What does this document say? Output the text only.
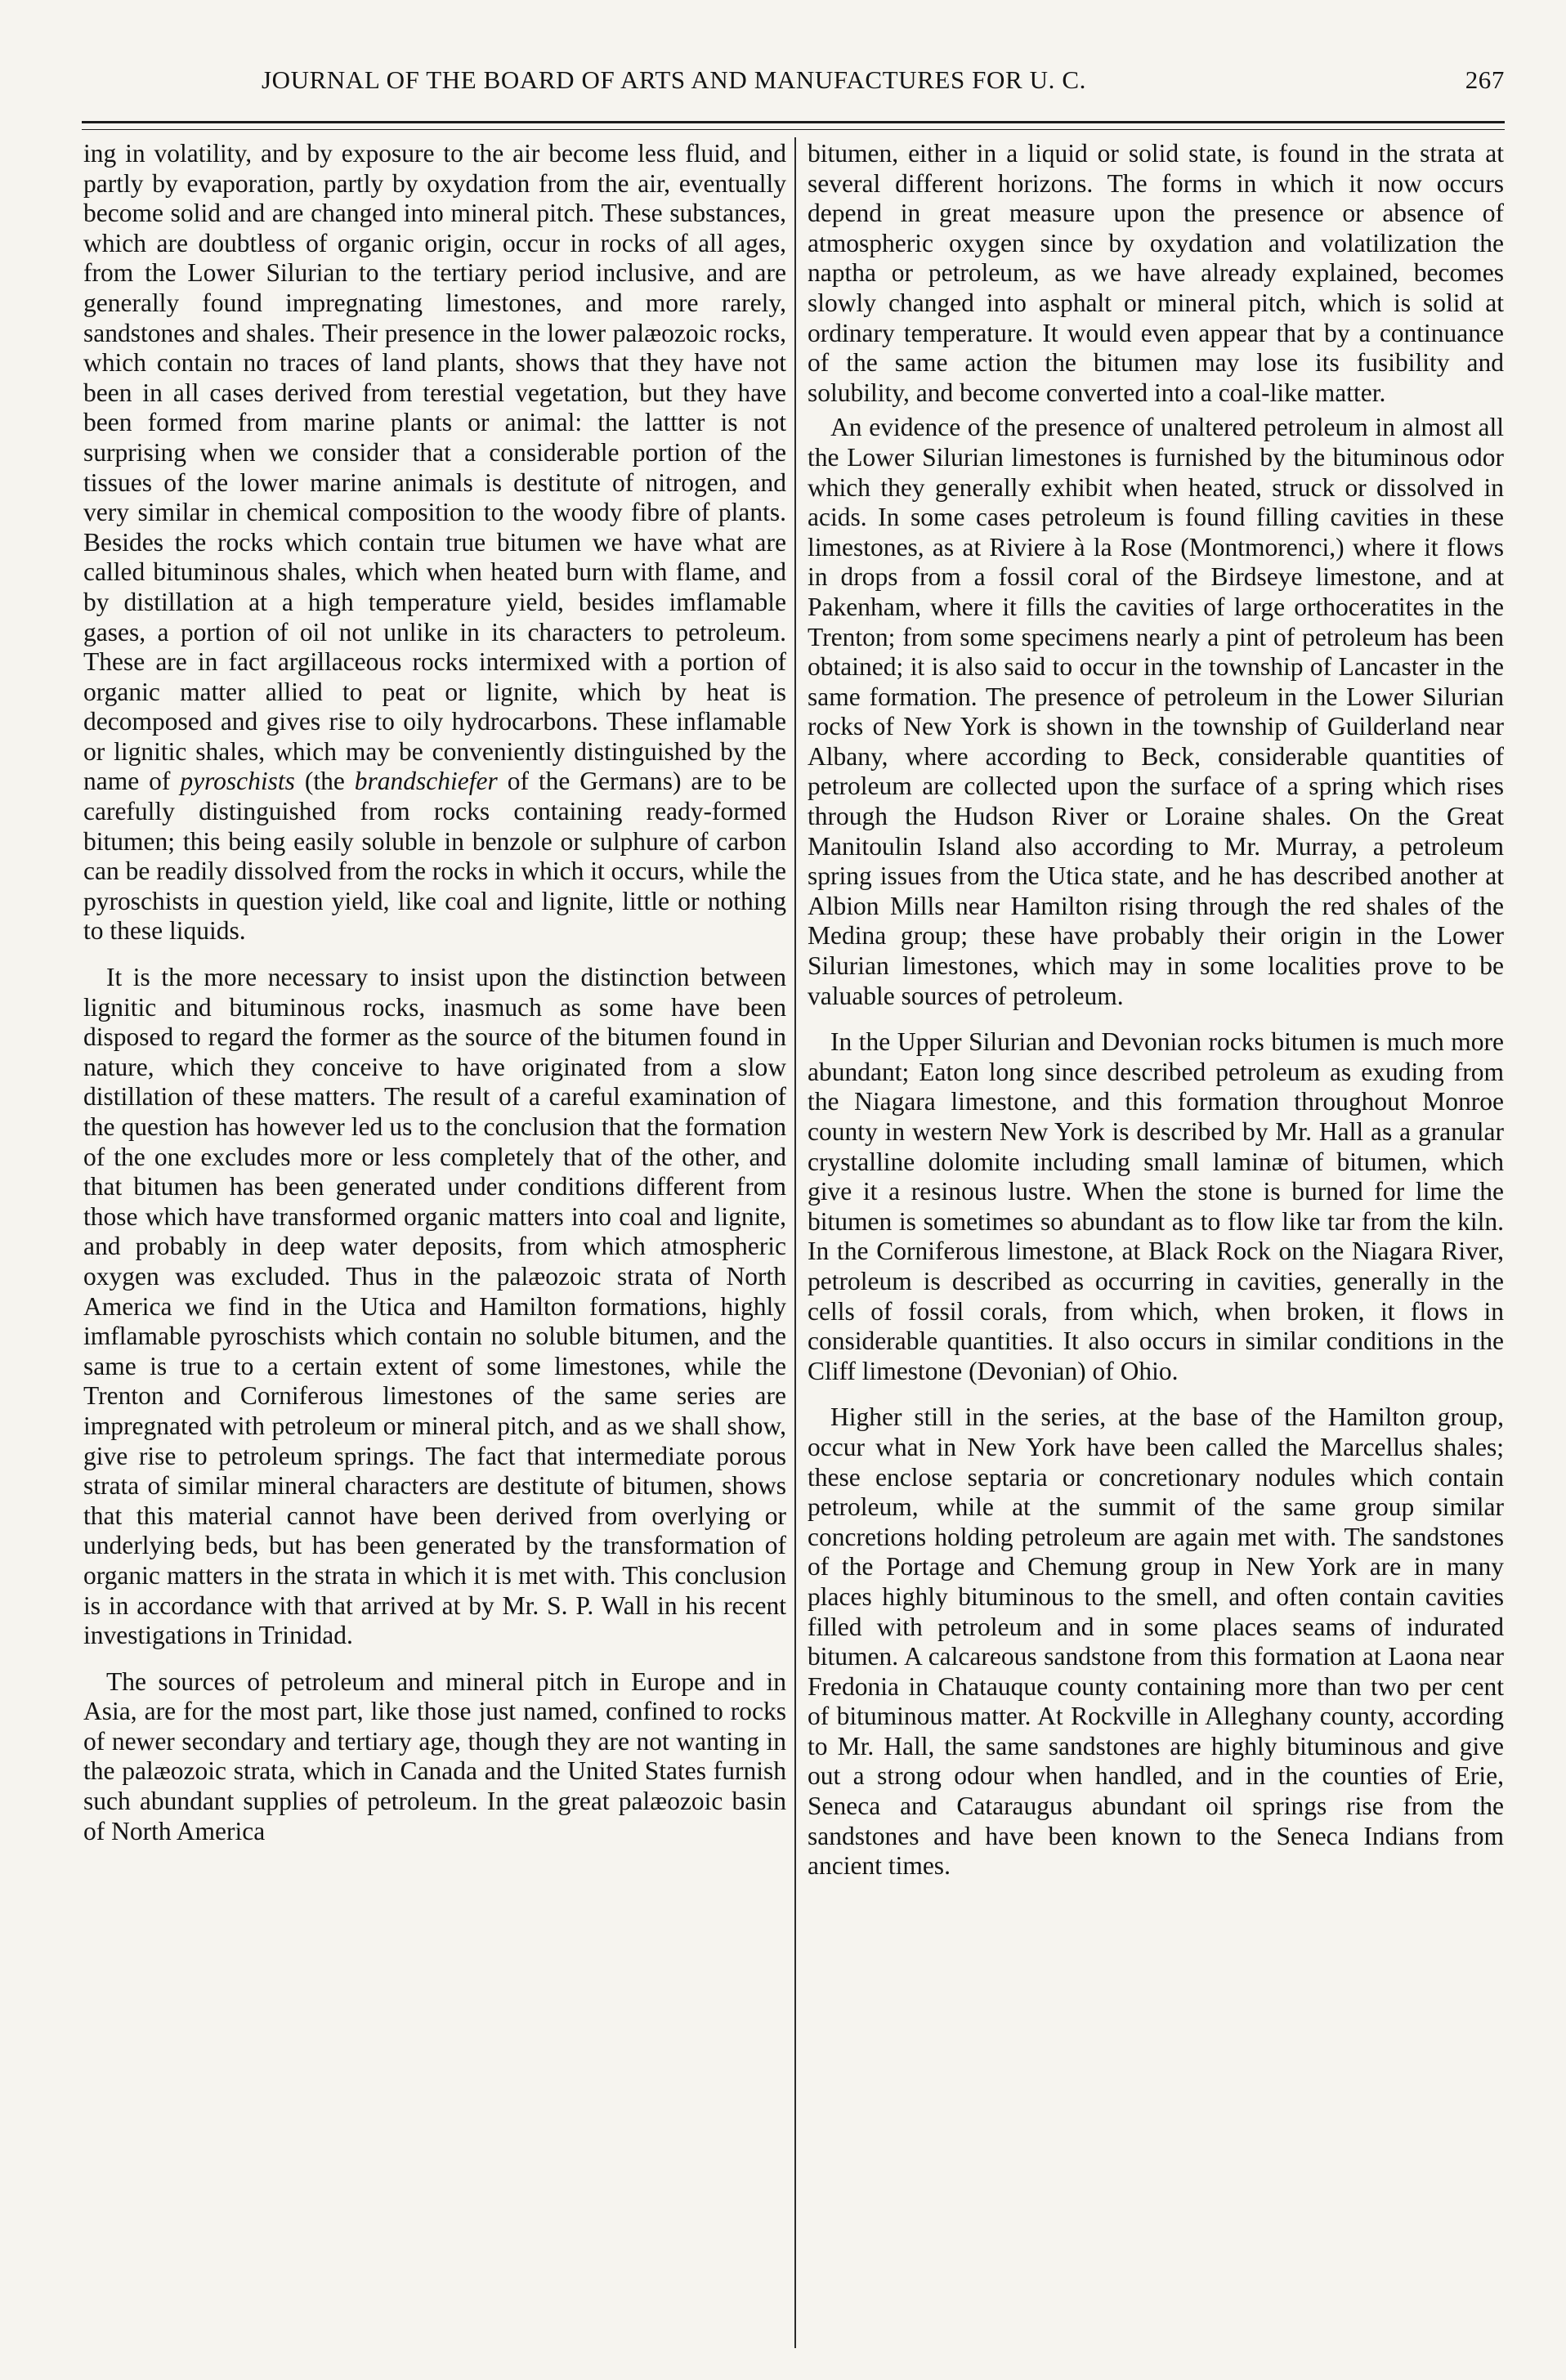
JOURNAL OF THE BOARD OF ARTS AND MANUFACTURES FOR U. C.	267

ing in volatility, and by exposure to the air become less fluid, and partly by evaporation, partly by oxydation from the air, eventually become solid and are changed into mineral pitch. These substances, which are doubtless of organic origin, occur in rocks of all ages, from the Lower Silurian to the tertiary period inclusive, and are generally found impregnating limestones, and more rarely, sandstones and shales. Their presence in the lower palæozoic rocks, which contain no traces of land plants, shows that they have not been in all cases derived from terestial vegetation, but they have been formed from marine plants or animal: the lattter is not surprising when we consider that a considerable portion of the tissues of the lower marine animals is destitute of nitrogen, and very similar in chemical composition to the woody fibre of plants. Besides the rocks which contain true bitumen we have what are called bituminous shales, which when heated burn with flame, and by distillation at a high temperature yield, besides imflamable gases, a portion of oil not unlike in its characters to petroleum. These are in fact argillaceous rocks intermixed with a portion of organic matter allied to peat or lignite, which by heat is decomposed and gives rise to oily hydrocarbons. These inflamable or lignitic shales, which may be conveniently distinguished by the name of pyroschists (the brandschiefer of the Germans) are to be carefully distinguished from rocks containing ready-formed bitumen; this being easily soluble in benzole or sulphure of carbon can be readily dissolved from the rocks in which it occurs, while the pyroschists in question yield, like coal and lignite, little or nothing to these liquids.

It is the more necessary to insist upon the distinction between lignitic and bituminous rocks, inasmuch as some have been disposed to regard the former as the source of the bitumen found in nature, which they conceive to have originated from a slow distillation of these matters. The result of a careful examination of the question has however led us to the conclusion that the formation of the one excludes more or less completely that of the other, and that bitumen has been generated under conditions different from those which have transformed organic matters into coal and lignite, and probably in deep water deposits, from which atmospheric oxygen was excluded. Thus in the palæozoic strata of North America we find in the Utica and Hamilton formations, highly imflamable pyroschists which contain no soluble bitumen, and the same is true to a certain extent of some limestones, while the Trenton and Corniferous limestones of the same series are impregnated with petroleum or mineral pitch, and as we shall show, give rise to petroleum springs. The fact that intermediate porous strata of similar mineral characters are destitute of bitumen, shows that this material cannot have been derived from overlying or underlying beds, but has been generated by the transformation of organic matters in the strata in which it is met with. This conclusion is in accordance with that arrived at by Mr. S. P. Wall in his recent investigations in Trinidad.

The sources of petroleum and mineral pitch in Europe and in Asia, are for the most part, like those just named, confined to rocks of newer secondary and tertiary age, though they are not wanting in the palæozoic strata, which in Canada and the United States furnish such abundant supplies of petroleum. In the great palæozoic basin of North America

bitumen, either in a liquid or solid state, is found in the strata at several different horizons. The forms in which it now occurs depend in great measure upon the presence or absence of atmospheric oxygen since by oxydation and volatilization the naptha or petroleum, as we have already explained, becomes slowly changed into asphalt or mineral pitch, which is solid at ordinary temperature. It would even appear that by a continuance of the same action the bitumen may lose its fusibility and solubility, and become converted into a coal-like matter.

An evidence of the presence of unaltered petroleum in almost all the Lower Silurian limestones is furnished by the bituminous odor which they generally exhibit when heated, struck or dissolved in acids. In some cases petroleum is found filling cavities in these limestones, as at Riviere à la Rose (Montmorenci,) where it flows in drops from a fossil coral of the Birdseye limestone, and at Pakenham, where it fills the cavities of large orthoceratites in the Trenton; from some specimens nearly a pint of petroleum has been obtained; it is also said to occur in the township of Lancaster in the same formation. The presence of petroleum in the Lower Silurian rocks of New York is shown in the township of Guilderland near Albany, where according to Beck, considerable quantities of petroleum are collected upon the surface of a spring which rises through the Hudson River or Loraine shales. On the Great Manitoulin Island also according to Mr. Murray, a petroleum spring issues from the Utica state, and he has described another at Albion Mills near Hamilton rising through the red shales of the Medina group; these have probably their origin in the Lower Silurian limestones, which may in some localities prove to be valuable sources of petroleum.

In the Upper Silurian and Devonian rocks bitumen is much more abundant; Eaton long since described petroleum as exuding from the Niagara limestone, and this formation throughout Monroe county in western New York is described by Mr. Hall as a granular crystalline dolomite including small laminæ of bitumen, which give it a resinous lustre. When the stone is burned for lime the bitumen is sometimes so abundant as to flow like tar from the kiln. In the Corniferous limestone, at Black Rock on the Niagara River, petroleum is described as occurring in cavities, generally in the cells of fossil corals, from which, when broken, it flows in considerable quantities. It also occurs in similar conditions in the Cliff limestone (Devonian) of Ohio.

Higher still in the series, at the base of the Hamilton group, occur what in New York have been called the Marcellus shales; these enclose septaria or concretionary nodules which contain petroleum, while at the summit of the same group similar concretions holding petroleum are again met with. The sandstones of the Portage and Chemung group in New York are in many places highly bituminous to the smell, and often contain cavities filled with petroleum and in some places seams of indurated bitumen. A calcareous sandstone from this formation at Laona near Fredonia in Chatauque county containing more than two per cent of bituminous matter. At Rockville in Alleghany county, according to Mr. Hall, the same sandstones are highly bituminous and give out a strong odour when handled, and in the counties of Erie, Seneca and Cataraugus abundant oil springs rise from the sandstones and have been known to the Seneca Indians from ancient times.
